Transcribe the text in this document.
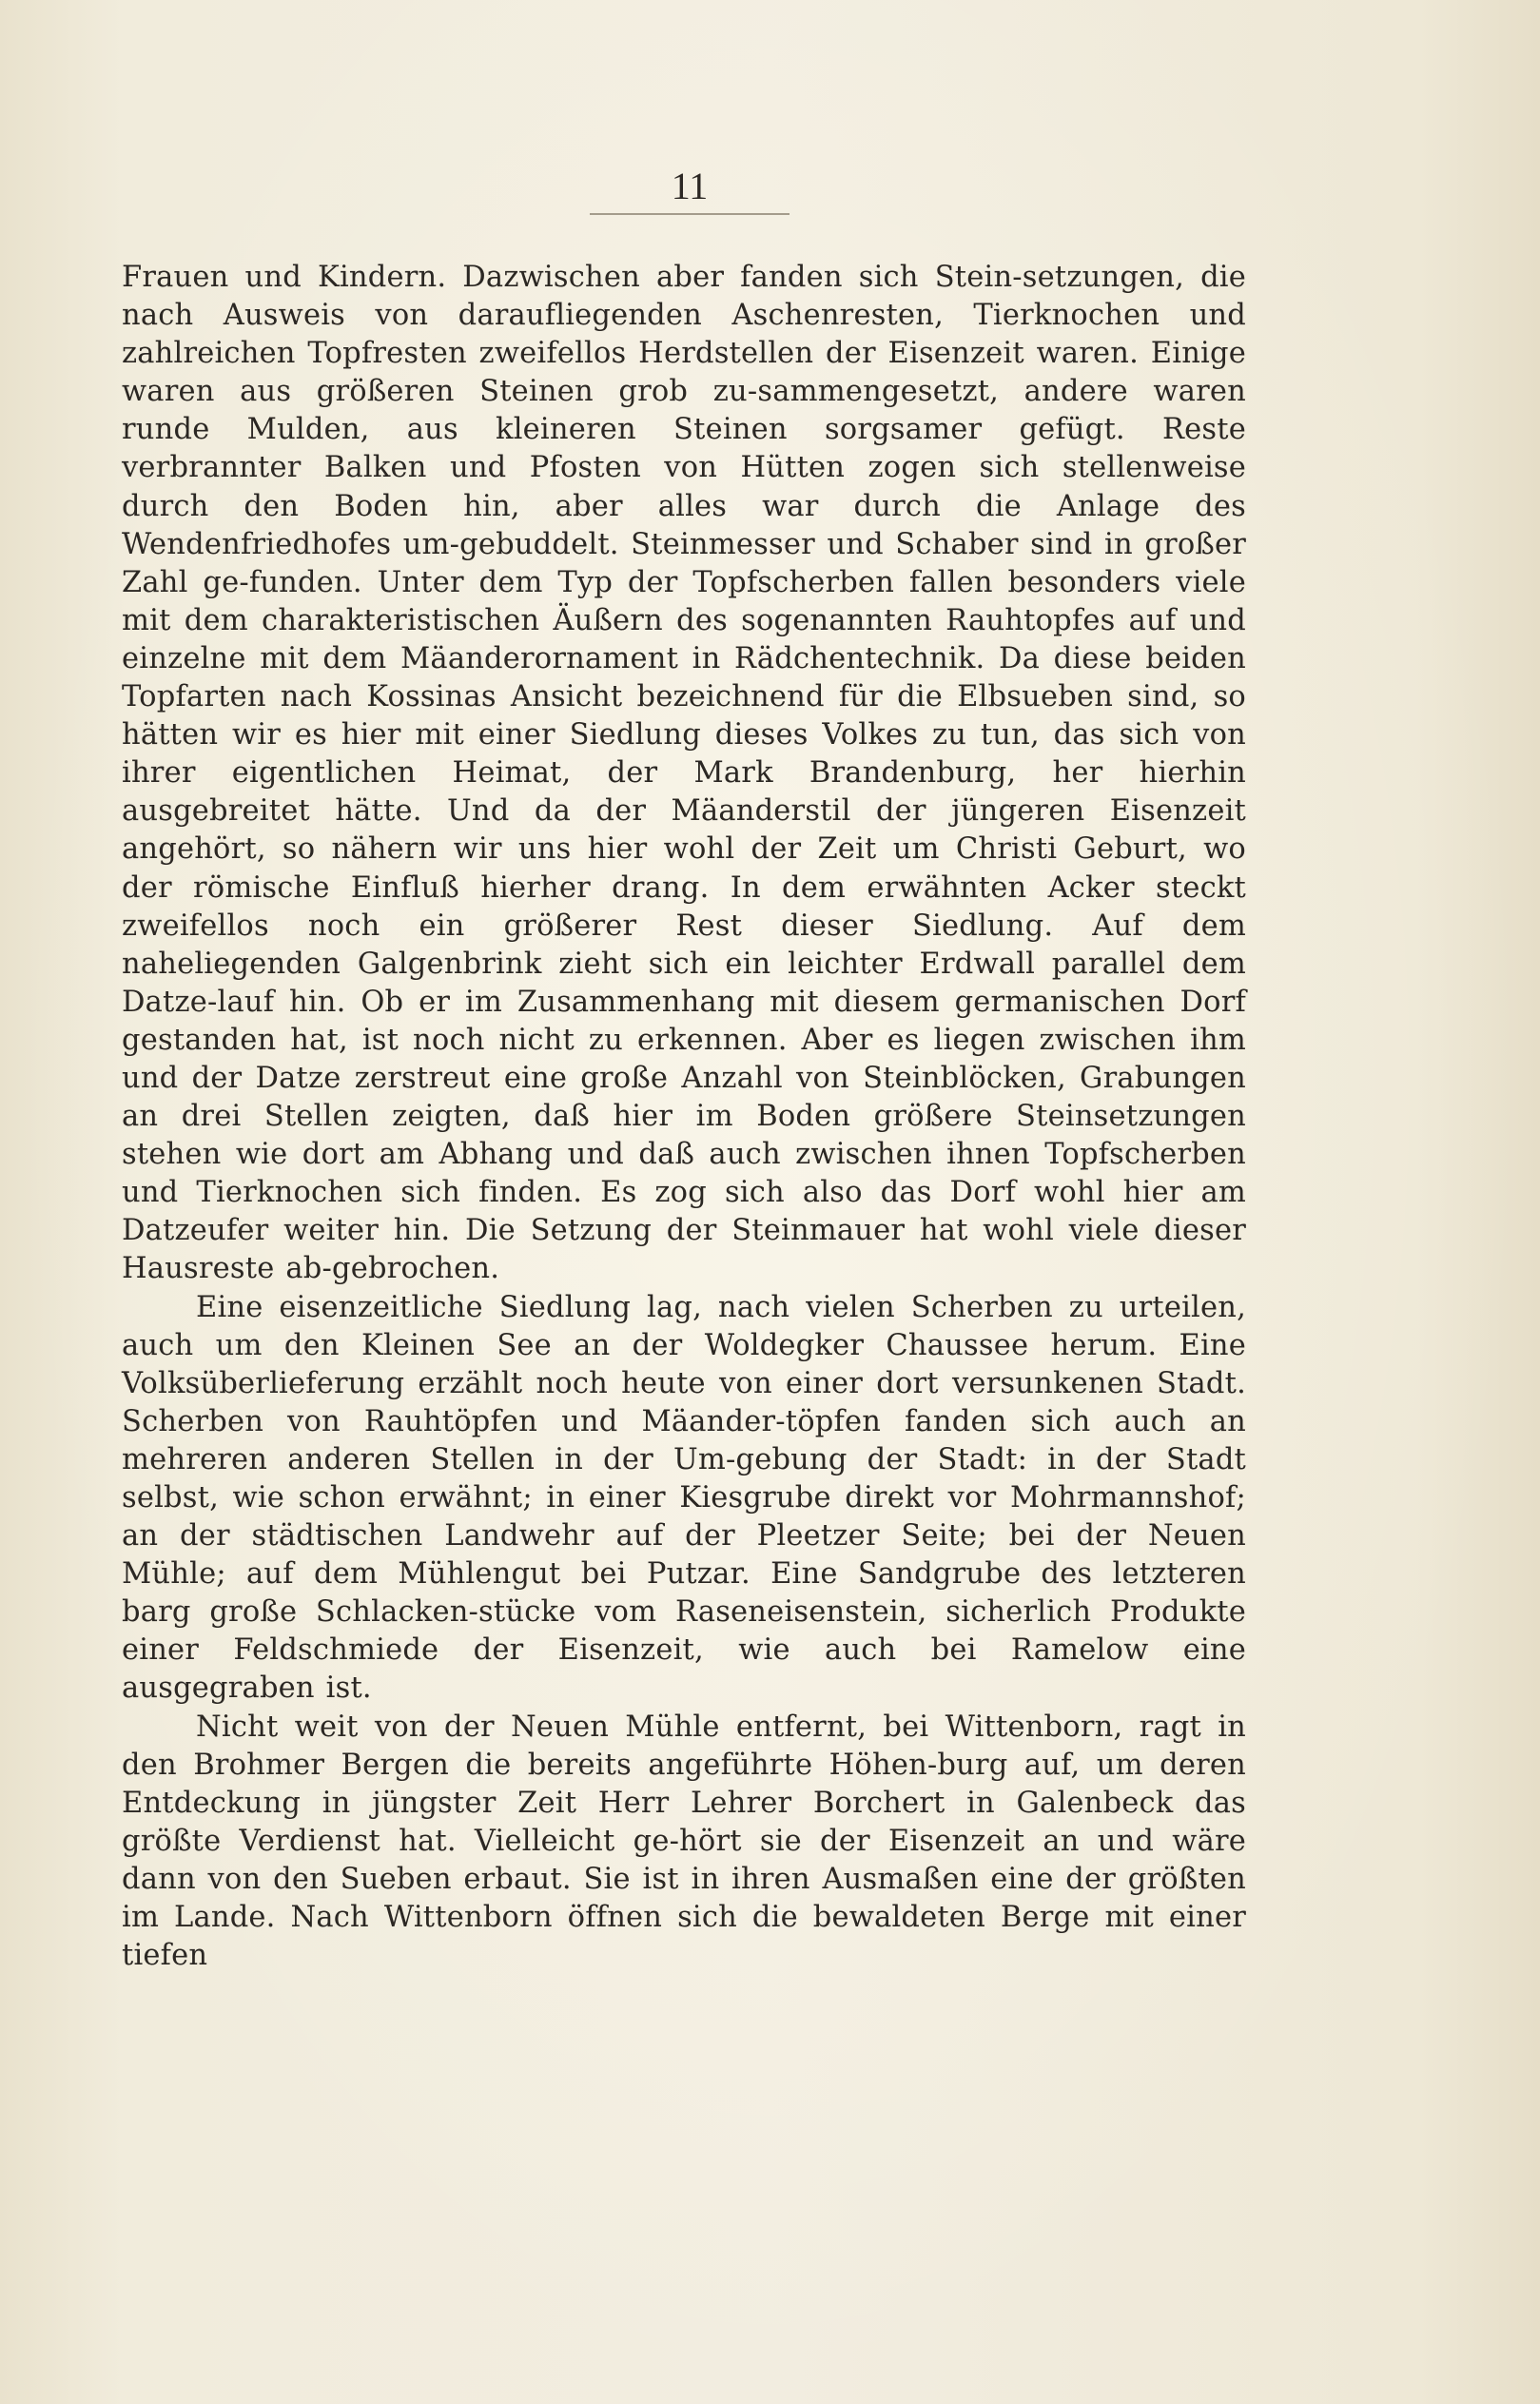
11

Frauen und Kindern. Dazwischen aber fanden sich Stein-setzungen, die nach Ausweis von daraufliegenden Aschenresten, Tierknochen und zahlreichen Topfresten zweifellos Herdstellen der Eisenzeit waren. Einige waren aus größeren Steinen grob zu-sammengesetzt, andere waren runde Mulden, aus kleineren Steinen sorgsamer gefügt. Reste verbrannter Balken und Pfosten von Hütten zogen sich stellenweise durch den Boden hin, aber alles war durch die Anlage des Wendenfriedhofes um-gebuddelt. Steinmesser und Schaber sind in großer Zahl ge-funden. Unter dem Typ der Topfscherben fallen besonders viele mit dem charakteristischen Äußern des sogenannten Rauhtopfes auf und einzelne mit dem Mäanderornament in Rädchentechnik. Da diese beiden Topfarten nach Kossinas Ansicht bezeichnend für die Elbsueben sind, so hätten wir es hier mit einer Siedlung dieses Volkes zu tun, das sich von ihrer eigentlichen Heimat, der Mark Brandenburg, her hierhin ausgebreitet hätte. Und da der Mäanderstil der jüngeren Eisenzeit angehört, so nähern wir uns hier wohl der Zeit um Christi Geburt, wo der römische Einfluß hierher drang. In dem erwähnten Acker steckt zweifellos noch ein größerer Rest dieser Siedlung. Auf dem naheliegenden Galgenbrink zieht sich ein leichter Erdwall parallel dem Datze-lauf hin. Ob er im Zusammenhang mit diesem germanischen Dorf gestanden hat, ist noch nicht zu erkennen. Aber es liegen zwischen ihm und der Datze zerstreut eine große Anzahl von Steinblöcken, Grabungen an drei Stellen zeigten, daß hier im Boden größere Steinsetzungen stehen wie dort am Abhang und daß auch zwischen ihnen Topfscherben und Tierknochen sich finden. Es zog sich also das Dorf wohl hier am Datzeufer weiter hin. Die Setzung der Steinmauer hat wohl viele dieser Hausreste ab-gebrochen.

Eine eisenzeitliche Siedlung lag, nach vielen Scherben zu urteilen, auch um den Kleinen See an der Woldegker Chaussee herum. Eine Volksüberlieferung erzählt noch heute von einer dort versunkenen Stadt. Scherben von Rauhtöpfen und Mäander-töpfen fanden sich auch an mehreren anderen Stellen in der Um-gebung der Stadt: in der Stadt selbst, wie schon erwähnt; in einer Kiesgrube direkt vor Mohrmannshof; an der städtischen Landwehr auf der Pleetzer Seite; bei der Neuen Mühle; auf dem Mühlengut bei Putzar. Eine Sandgrube des letzteren barg große Schlacken-stücke vom Raseneisenstein, sicherlich Produkte einer Feldschmiede der Eisenzeit, wie auch bei Ramelow eine ausgegraben ist.

Nicht weit von der Neuen Mühle entfernt, bei Wittenborn, ragt in den Brohmer Bergen die bereits angeführte Höhen-burg auf, um deren Entdeckung in jüngster Zeit Herr Lehrer Borchert in Galenbeck das größte Verdienst hat. Vielleicht ge-hört sie der Eisenzeit an und wäre dann von den Sueben erbaut. Sie ist in ihren Ausmaßen eine der größten im Lande. Nach Wittenborn öffnen sich die bewaldeten Berge mit einer tiefen
